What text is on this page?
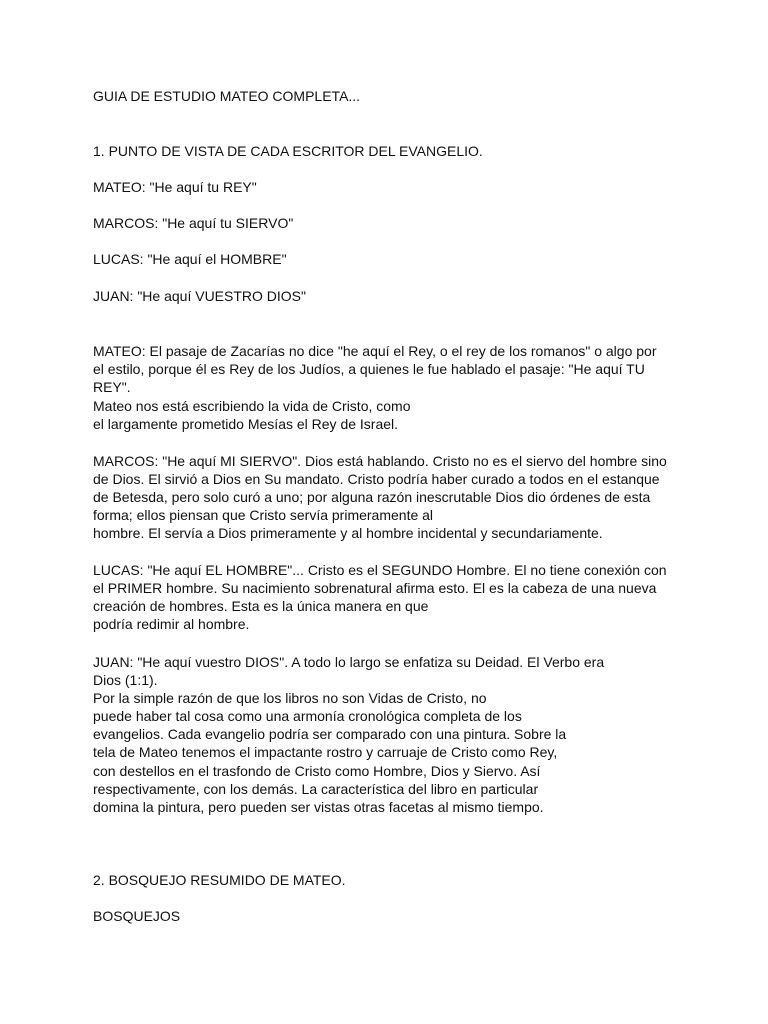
GUIA DE ESTUDIO MATEO COMPLETA...
1. PUNTO DE VISTA DE CADA ESCRITOR DEL EVANGELIO.
MATEO: "He aquí tu REY"
MARCOS: "He aquí tu SIERVO"
LUCAS: "He aquí el HOMBRE"
JUAN: "He aquí VUESTRO DIOS"
MATEO: El pasaje de Zacarías no dice "he aquí el Rey, o el rey de los romanos" o algo por
el estilo, porque él es Rey de los Judíos, a quienes le fue hablado el pasaje: "He aquí TU
REY".
Mateo nos está escribiendo la vida de Cristo, como
el largamente prometido Mesías el Rey de Israel.
MARCOS: "He aquí MI SIERVO". Dios está hablando. Cristo no es el siervo del hombre sino
de Dios. El sirvió a Dios en Su mandato. Cristo podría haber curado a todos en el estanque
de Betesda, pero solo curó a uno; por alguna razón inescrutable Dios dio órdenes de esta
forma; ellos piensan que Cristo servía primeramente al
hombre. El servía a Dios primeramente y al hombre incidental y secundariamente.
LUCAS: "He aquí EL HOMBRE"... Cristo es el SEGUNDO Hombre. El no tiene conexión con
el PRIMER hombre. Su nacimiento sobrenatural afirma esto. El es la cabeza de una nueva
creación de hombres. Esta es la única manera en que
podría redimir al hombre.
JUAN: "He aquí vuestro DIOS". A todo lo largo se enfatiza su Deidad. El Verbo era
Dios (1:1).
Por la simple razón de que los libros no son Vidas de Cristo, no
puede haber tal cosa como una armonía cronológica completa de los
evangelios. Cada evangelio podría ser comparado con una pintura. Sobre la
tela de Mateo tenemos el impactante rostro y carruaje de Cristo como Rey,
con destellos en el trasfondo de Cristo como Hombre, Dios y Siervo. Así
respectivamente, con los demás. La característica del libro en particular
domina la pintura, pero pueden ser vistas otras facetas al mismo tiempo.
2. BOSQUEJO RESUMIDO DE MATEO.
BOSQUEJOS
